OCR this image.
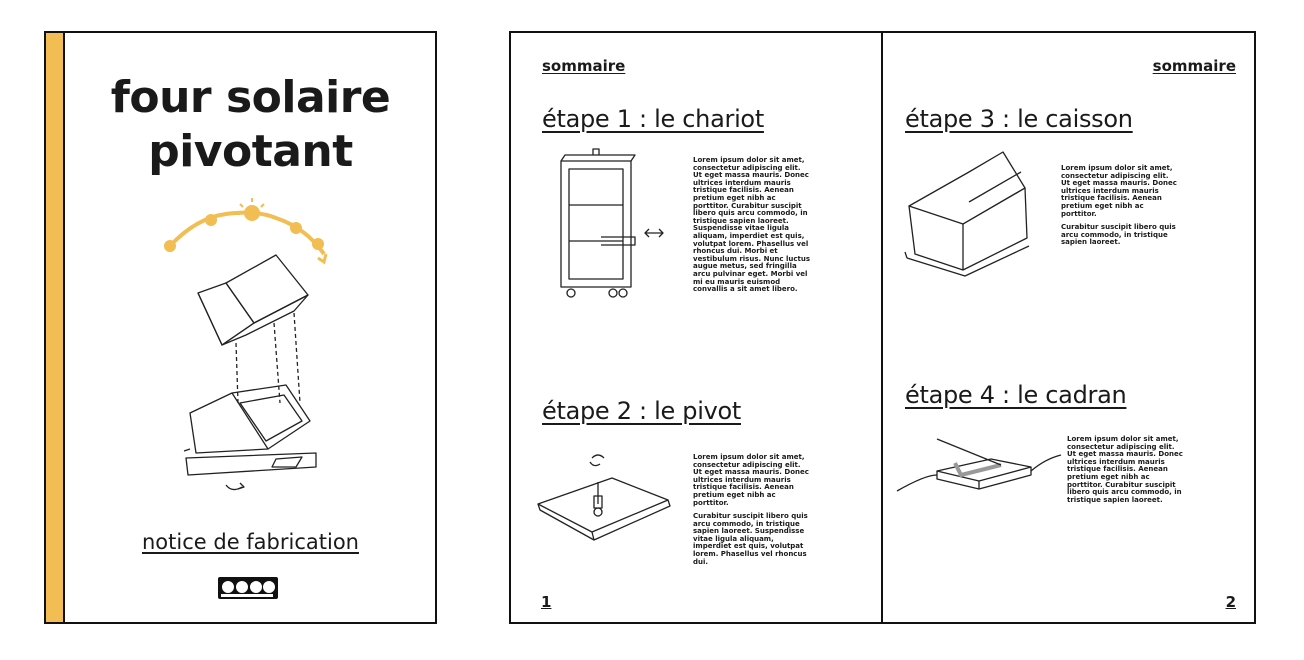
four solaire
pivotant
notice de fabrication
sommaire
étape 1 : le chariot

Lorem ipsum dolor sit amet, consectetur adipiscing elit. Ut eget massa mauris. Donec ultrices interdum mauris tristique facilisis. Aenean pretium eget nibh ac porttitor. Curabitur suscipit libero quis arcu commodo, in tristique sapien laoreet. Suspendisse vitae ligula aliquam, imperdiet est quis, volutpat lorem. Phasellus vel rhoncus dui. Morbi et vestibulum risus. Nunc luctus augue metus, sed fringilla arcu pulvinar eget. Morbi vel mi eu mauris euismod convallis a sit amet libero.

étape 2 : le pivot

Lorem ipsum dolor sit amet, consectetur adipiscing elit. Ut eget massa mauris. Donec ultrices interdum mauris tristique facilisis. Aenean pretium eget nibh ac porttitor.

Curabitur suscipit libero quis arcu commodo, in tristique sapien laoreet. Suspendisse vitae ligula aliquam, imperdiet est quis, volutpat lorem. Phasellus vel rhoncus dui.

1
sommaire
étape 3 : le caisson

Lorem ipsum dolor sit amet, consectetur adipiscing elit. Ut eget massa mauris. Donec ultrices interdum mauris tristique facilisis. Aenean pretium eget nibh ac porttitor.

Curabitur suscipit libero quis arcu commodo, in tristique sapien laoreet.

étape 4 : le cadran

Lorem ipsum dolor sit amet, consectetur adipiscing elit. Ut eget massa mauris. Donec ultrices interdum mauris tristique facilisis. Aenean pretium eget nibh ac porttitor. Curabitur suscipit libero quis arcu commodo, in tristique sapien laoreet.

2
